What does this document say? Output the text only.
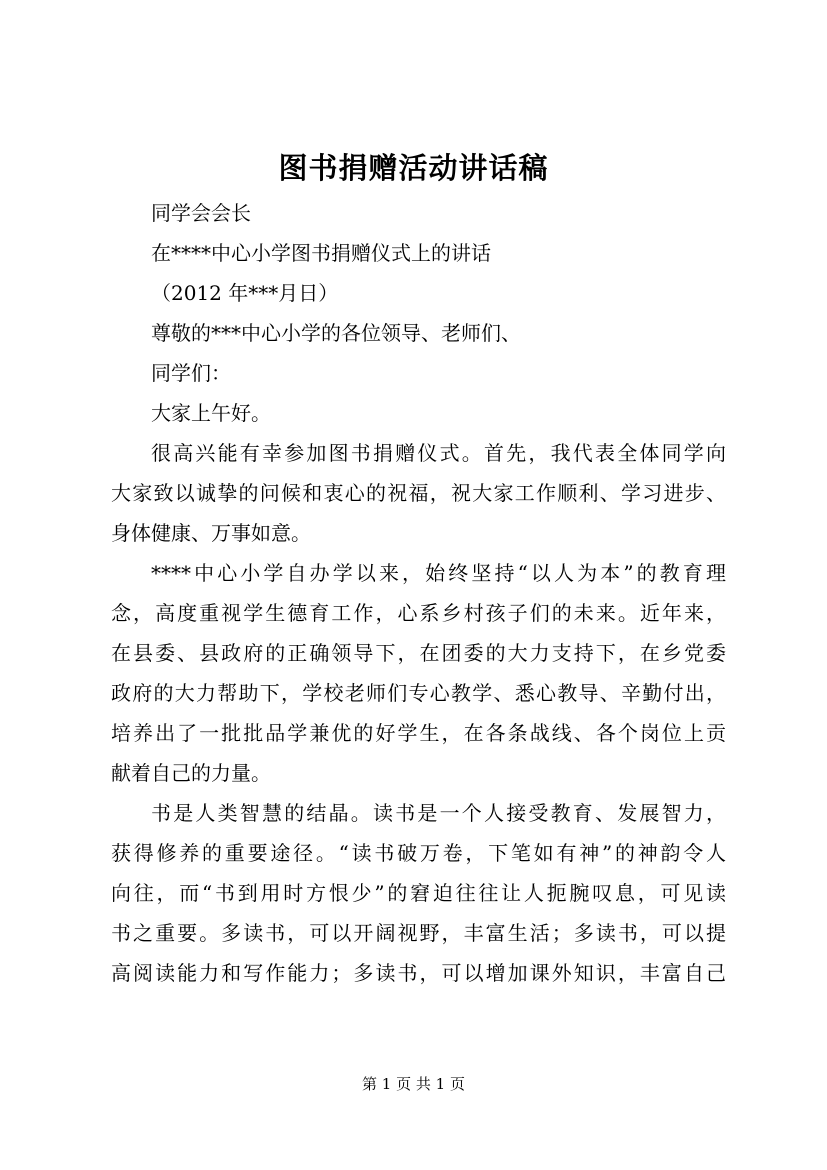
图书捐赠活动讲话稿
同学会会长
在****中心小学图书捐赠仪式上的讲话
（2012 年***月日）
尊敬的***中心小学的各位领导、老师们、
同学们：
大家上午好。
很高兴能有幸参加图书捐赠仪式。首先，我代表全体同学向
大家致以诚挚的问候和衷心的祝福，祝大家工作顺利、学习进步、
身体健康、万事如意。
****中心小学自办学以来，始终坚持“以人为本”的教育理
念，高度重视学生德育工作，心系乡村孩子们的未来。近年来，
在县委、县政府的正确领导下，在团委的大力支持下，在乡党委
政府的大力帮助下，学校老师们专心教学、悉心教导、辛勤付出，
培养出了一批批品学兼优的好学生，在各条战线、各个岗位上贡
献着自己的力量。
书是人类智慧的结晶。读书是一个人接受教育、发展智力，
获得修养的重要途径。“读书破万卷，下笔如有神”的神韵令人
向往，而“书到用时方恨少”的窘迫往往让人扼腕叹息，可见读
书之重要。多读书，可以开阔视野，丰富生活；多读书，可以提
高阅读能力和写作能力；多读书，可以增加课外知识，丰富自己
第 1 页 共 1 页
